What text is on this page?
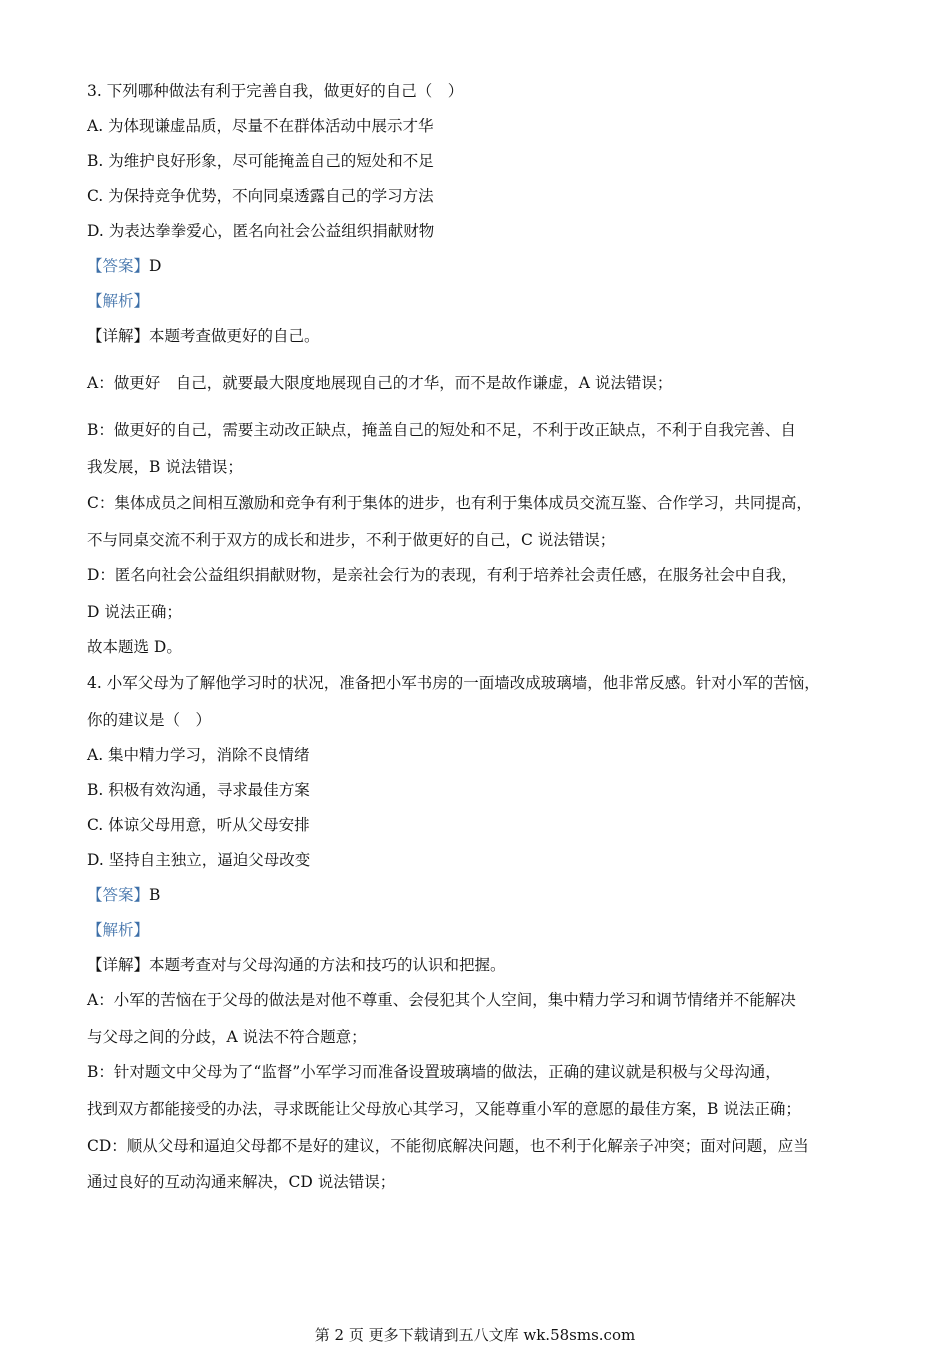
3. 下列哪种做法有利于完善自我，做更好的自己（　）
A. 为体现谦虚品质，尽量不在群体活动中展示才华
B. 为维护良好形象，尽可能掩盖自己的短处和不足
C. 为保持竞争优势，不向同桌透露自己的学习方法
D. 为表达拳拳爱心，匿名向社会公益组织捐献财物
【答案】D
【解析】
【详解】本题考查做更好的自己。
A：做更好　自己，就要最大限度地展现自己的才华，而不是故作谦虚，A 说法错误；
B：做更好的自己，需要主动改正缺点，掩盖自己的短处和不足，不利于改正缺点，不利于自我完善、自
我发展，B 说法错误；
C：集体成员之间相互激励和竞争有利于集体的进步，也有利于集体成员交流互鉴、合作学习，共同提高，
不与同桌交流不利于双方的成长和进步，不利于做更好的自己，C 说法错误；
D：匿名向社会公益组织捐献财物，是亲社会行为的表现，有利于培养社会责任感，在服务社会中自我，
D 说法正确；
故本题选 D。
4. 小军父母为了解他学习时的状况，准备把小军书房的一面墙改成玻璃墙，他非常反感。针对小军的苦恼，
你的建议是（　）
A. 集中精力学习，消除不良情绪
B. 积极有效沟通，寻求最佳方案
C. 体谅父母用意，听从父母安排
D. 坚持自主独立，逼迫父母改变
【答案】B
【解析】
【详解】本题考查对与父母沟通的方法和技巧的认识和把握。
A：小军的苦恼在于父母的做法是对他不尊重、会侵犯其个人空间，集中精力学习和调节情绪并不能解决
与父母之间的分歧，A 说法不符合题意；
B：针对题文中父母为了“监督”小军学习而准备设置玻璃墙的做法，正确的建议就是积极与父母沟通，
找到双方都能接受的办法，寻求既能让父母放心其学习，又能尊重小军的意愿的最佳方案，B 说法正确；
CD：顺从父母和逼迫父母都不是好的建议，不能彻底解决问题，也不利于化解亲子冲突；面对问题，应当
通过良好的互动沟通来解决，CD 说法错误；
第 2 页 更多下载请到五八文库 wk.58sms.com
